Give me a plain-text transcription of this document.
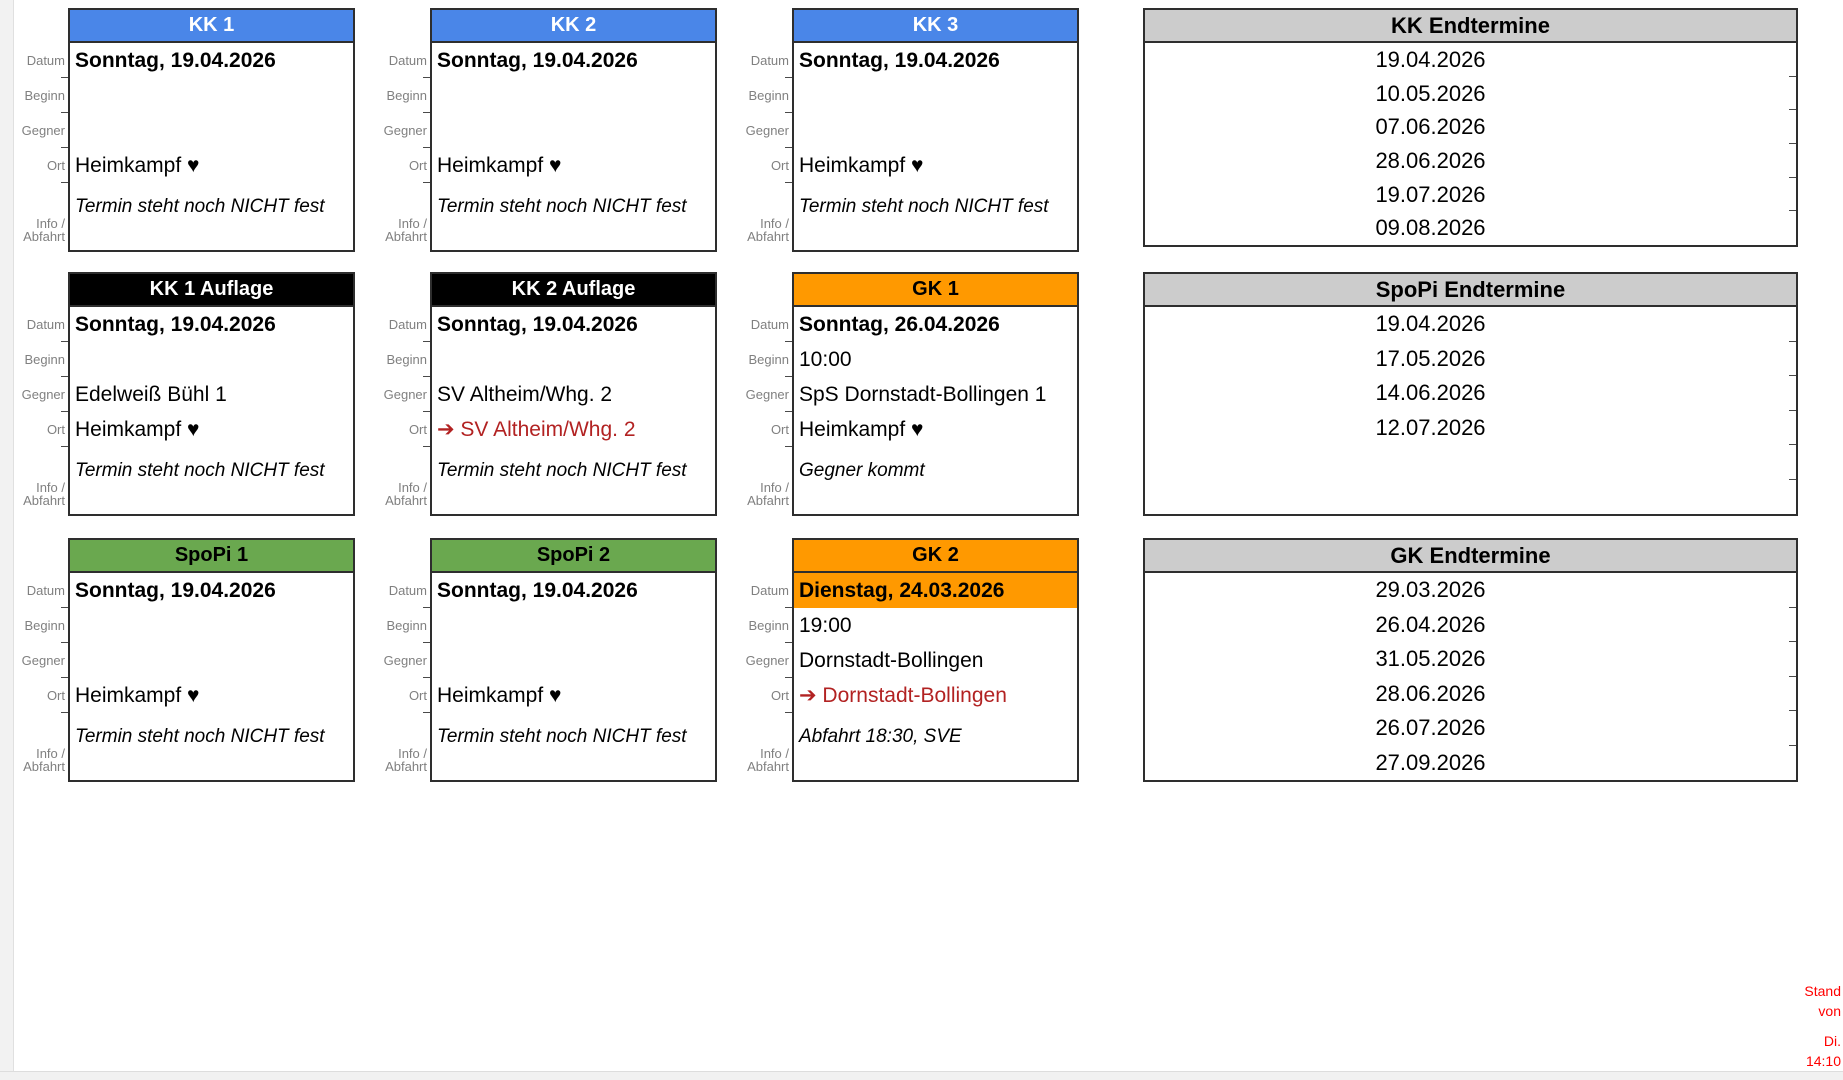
Datum
Beginn
Gegner
Ort
Info /
Abfahrt
KK 1
Sonntag, 19.04.2026
Heimkampf ♥
Termin steht noch NICHT fest
Datum
Beginn
Gegner
Ort
Info /
Abfahrt
KK 2
Sonntag, 19.04.2026
Heimkampf ♥
Termin steht noch NICHT fest
Datum
Beginn
Gegner
Ort
Info /
Abfahrt
KK 3
Sonntag, 19.04.2026
Heimkampf ♥
Termin steht noch NICHT fest
Datum
Beginn
Gegner
Ort
Info /
Abfahrt
KK 1 Auflage
Sonntag, 19.04.2026
Edelweiß Bühl 1
Heimkampf ♥
Termin steht noch NICHT fest
Datum
Beginn
Gegner
Ort
Info /
Abfahrt
KK 2 Auflage
Sonntag, 19.04.2026
SV Altheim/Whg. 2
➔ SV Altheim/Whg. 2
Termin steht noch NICHT fest
Datum
Beginn
Gegner
Ort
Info /
Abfahrt
GK 1
Sonntag, 26.04.2026
10:00
SpS Dornstadt-Bollingen 1
Heimkampf ♥
Gegner kommt
Datum
Beginn
Gegner
Ort
Info /
Abfahrt
SpoPi 1
Sonntag, 19.04.2026
Heimkampf ♥
Termin steht noch NICHT fest
Datum
Beginn
Gegner
Ort
Info /
Abfahrt
SpoPi 2
Sonntag, 19.04.2026
Heimkampf ♥
Termin steht noch NICHT fest
Datum
Beginn
Gegner
Ort
Info /
Abfahrt
GK 2
Dienstag, 24.03.2026
19:00
Dornstadt-Bollingen
➔ Dornstadt-Bollingen
Abfahrt 18:30, SVE
KK Endtermine
19.04.2026
10.05.2026
07.06.2026
28.06.2026
19.07.2026
09.08.2026
SpoPi Endtermine
19.04.2026
17.05.2026
14.06.2026
12.07.2026
GK Endtermine
29.03.2026
26.04.2026
31.05.2026
28.06.2026
26.07.2026
27.09.2026
Stand
von
Di.
14:10
